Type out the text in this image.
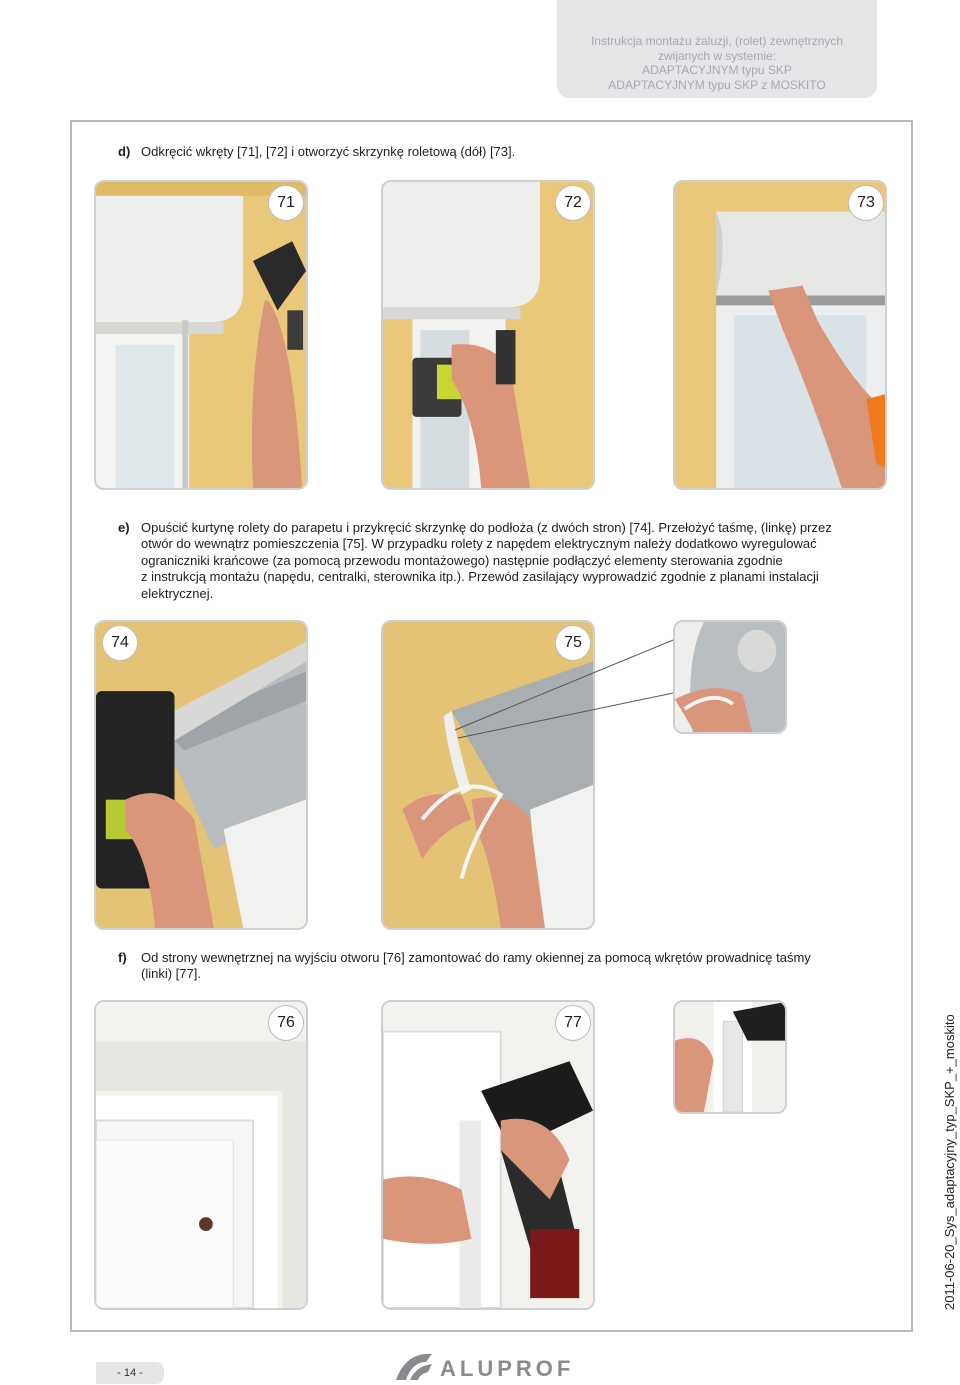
Instrukcja montażu żaluzji, (rolet) zewnętrznych
zwijanych w systemie:
ADAPTACYJNYM typu SKP
ADAPTACYJNYM typu SKP z MOSKITO
d) Odkręcić wkręty [71], [72] i otworzyć skrzynkę roletową (dół) [73].
71	72	73
e) Opuścić kurtynę rolety do parapetu i przykręcić skrzynkę do podłoża (z dwóch stron) [74]. Przełożyć taśmę, (linkę) przez
otwór do wewnątrz pomieszczenia [75]. W przypadku rolety z napędem elektrycznym należy dodatkowo wyregulować
ograniczniki krańcowe (za pomocą przewodu montażowego) następnie podłączyć elementy sterowania zgodnie
z instrukcją montażu (napędu, centralki, sterownika itp.). Przewód zasilający wyprowadzić zgodnie z planami instalacji
elektrycznej.
74	75
f) Od strony wewnętrznej na wyjściu otworu [76] zamontować do ramy okiennej za pomocą wkrętów prowadnicę taśmy
(linki) [77].
76	77	2011-06-20_Sys_adaptacyjny_typ_SKP_+_moskito
- 14 -	ALUPROF
